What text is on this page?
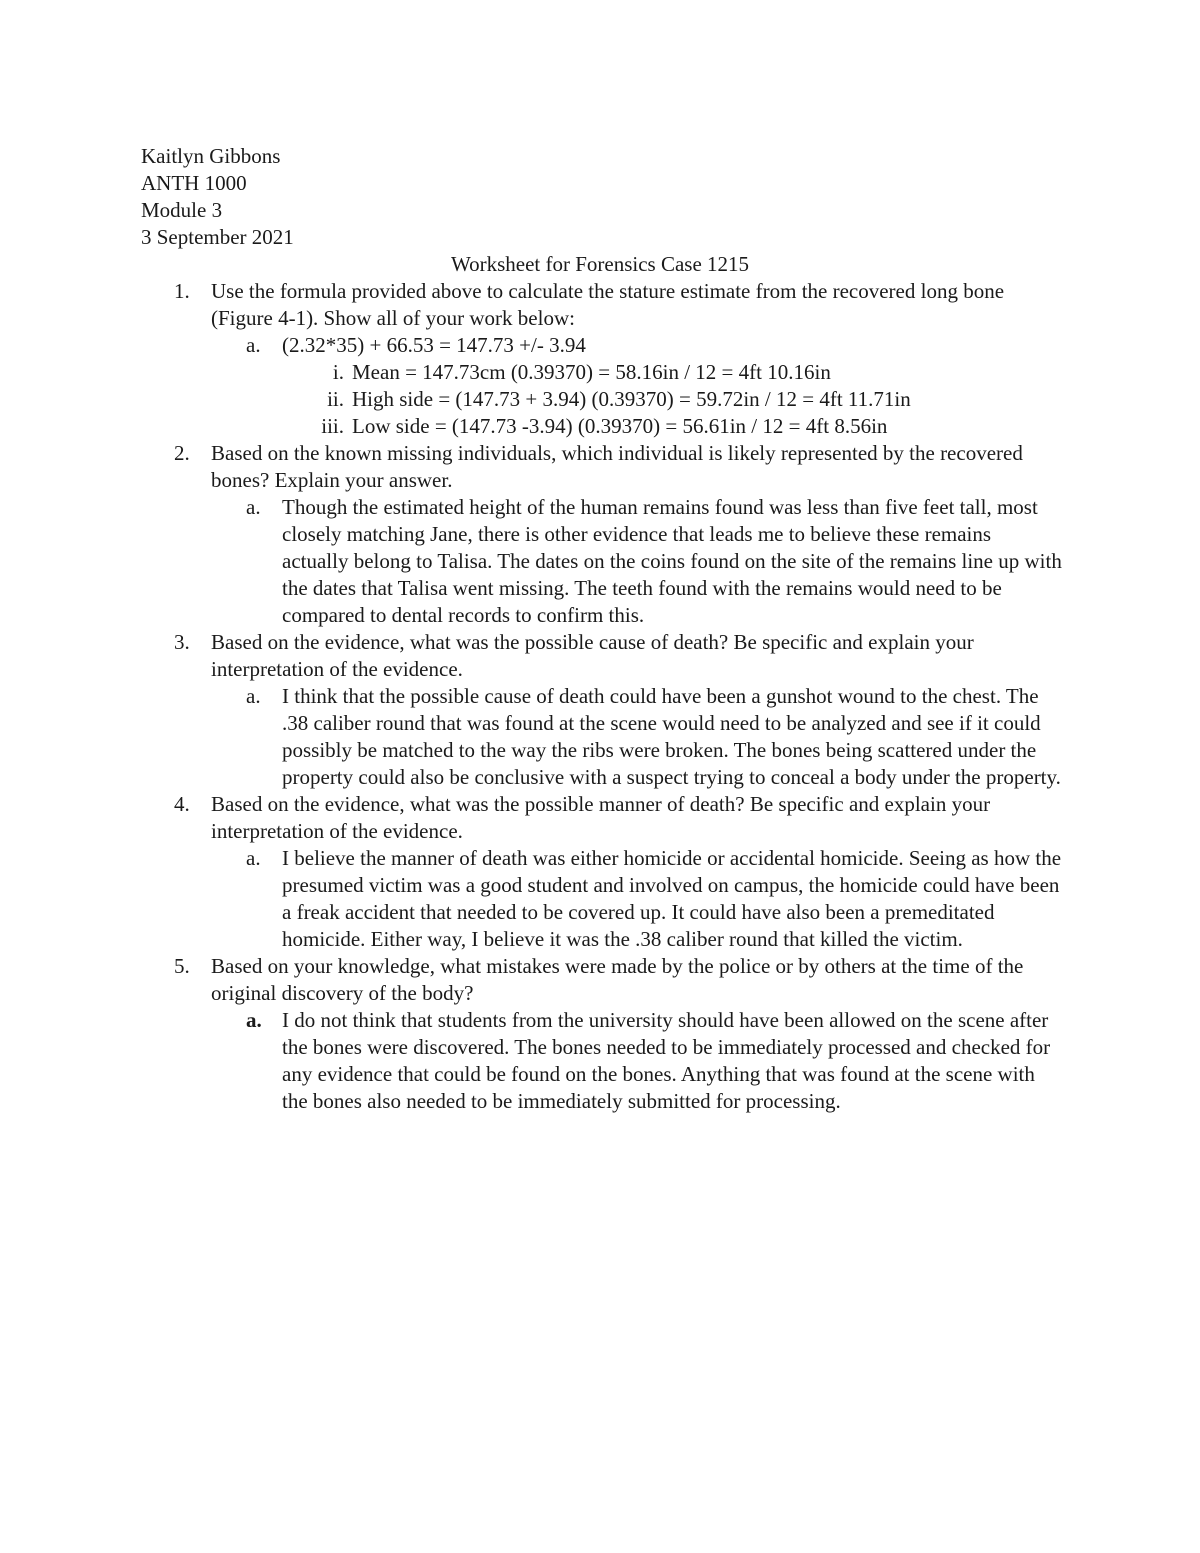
Kaitlyn Gibbons
ANTH 1000
Module 3
3 September 2021
Worksheet for Forensics Case 1215
1. Use the formula provided above to calculate the stature estimate from the recovered long bone (Figure 4-1). Show all of your work below:
a. (2.32*35) + 66.53 = 147.73 +/- 3.94
i. Mean = 147.73cm (0.39370) = 58.16in / 12 = 4ft 10.16in
ii. High side = (147.73 + 3.94) (0.39370) = 59.72in / 12 = 4ft 11.71in
iii. Low side = (147.73 -3.94) (0.39370) = 56.61in / 12 = 4ft 8.56in
2. Based on the known missing individuals, which individual is likely represented by the recovered bones? Explain your answer.
a. Though the estimated height of the human remains found was less than five feet tall, most closely matching Jane, there is other evidence that leads me to believe these remains actually belong to Talisa. The dates on the coins found on the site of the remains line up with the dates that Talisa went missing. The teeth found with the remains would need to be compared to dental records to confirm this.
3. Based on the evidence, what was the possible cause of death? Be specific and explain your interpretation of the evidence.
a. I think that the possible cause of death could have been a gunshot wound to the chest. The .38 caliber round that was found at the scene would need to be analyzed and see if it could possibly be matched to the way the ribs were broken. The bones being scattered under the property could also be conclusive with a suspect trying to conceal a body under the property.
4. Based on the evidence, what was the possible manner of death? Be specific and explain your interpretation of the evidence.
a. I believe the manner of death was either homicide or accidental homicide. Seeing as how the presumed victim was a good student and involved on campus, the homicide could have been a freak accident that needed to be covered up. It could have also been a premeditated homicide. Either way, I believe it was the .38 caliber round that killed the victim.
5. Based on your knowledge, what mistakes were made by the police or by others at the time of the original discovery of the body?
a. I do not think that students from the university should have been allowed on the scene after the bones were discovered. The bones needed to be immediately processed and checked for any evidence that could be found on the bones. Anything that was found at the scene with the bones also needed to be immediately submitted for processing.
